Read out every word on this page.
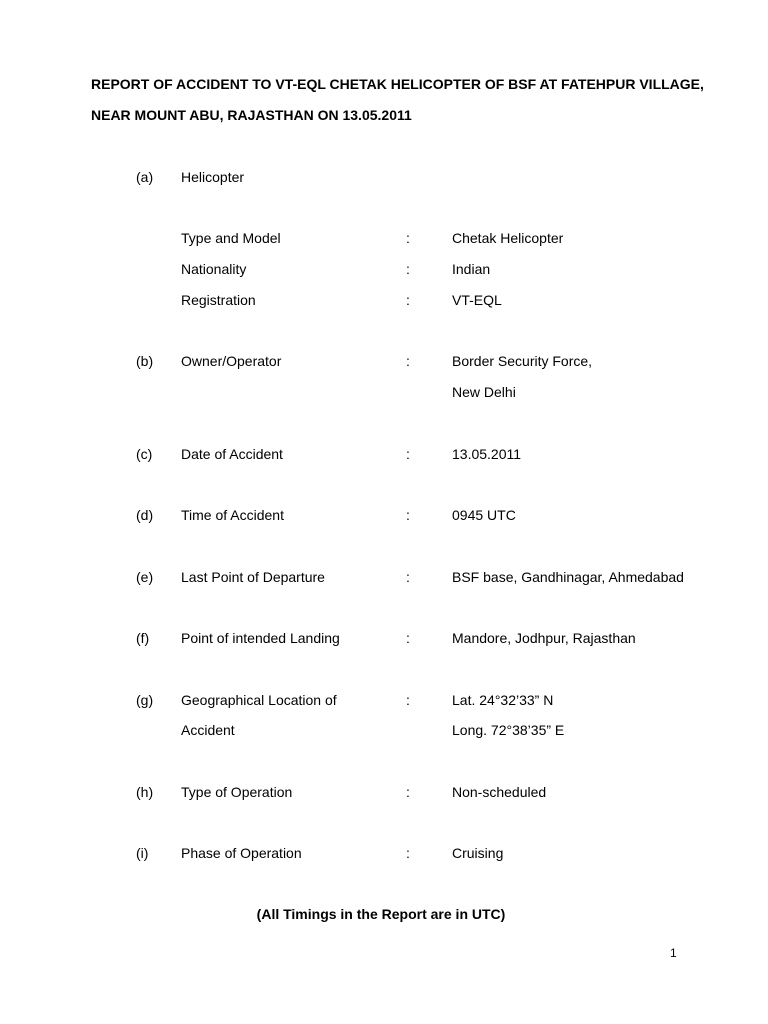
REPORT OF ACCIDENT TO VT-EQL CHETAK HELICOPTER OF BSF AT FATEHPUR VILLAGE,
NEAR MOUNT ABU, RAJASTHAN ON 13.05.2011
(a) Helicopter
Type and Model	:	Chetak Helicopter
Nationality	:	Indian
Registration	:	VT-EQL
(b) Owner/Operator	:	Border Security Force,
New Delhi
(c) Date of Accident	:	13.05.2011
(d) Time of Accident	:	0945 UTC
(e) Last Point of Departure	:	BSF base, Gandhinagar, Ahmedabad
(f) Point of intended Landing	:	Mandore, Jodhpur, Rajasthan
(g) Geographical Location of	:	Lat. 24°32’33” N
Accident	Long. 72°38’35” E
(h) Type of Operation	:	Non-scheduled
(i) Phase of Operation	:	Cruising
(All Timings in the Report are in UTC)
1
